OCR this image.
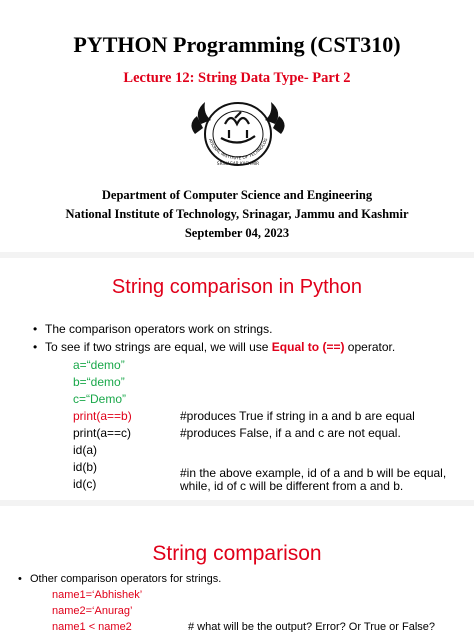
PYTHON Programming (CST310)
Lecture 12: String Data Type- Part 2
ATIONAL INSTITUTE OF TECHNOLOG
SRINAGAR KASHMIR
Department of Computer Science and Engineering
National Institute of Technology, Srinagar, Jammu and Kashmir
September 04, 2023
String comparison in Python
• The comparison operators work on strings.
• To see if two strings are equal, we will use Equal to (==) operator.
a=“demo”
b=“demo”
c=“Demo”
print(a==b)	#produces True if string in a and b are equal
print(a==c)	#produces False, if a and c are not equal.
id(a)
id(b)
id(c)
#in the above example, id of a and b will be equal,
while, id of c will be different from a and b.
String comparison
• Other comparison operators for strings.
name1=‘Abhishek’
name2=‘Anurag’
name1 < name2	# what will be the output? Error? Or True or False?
